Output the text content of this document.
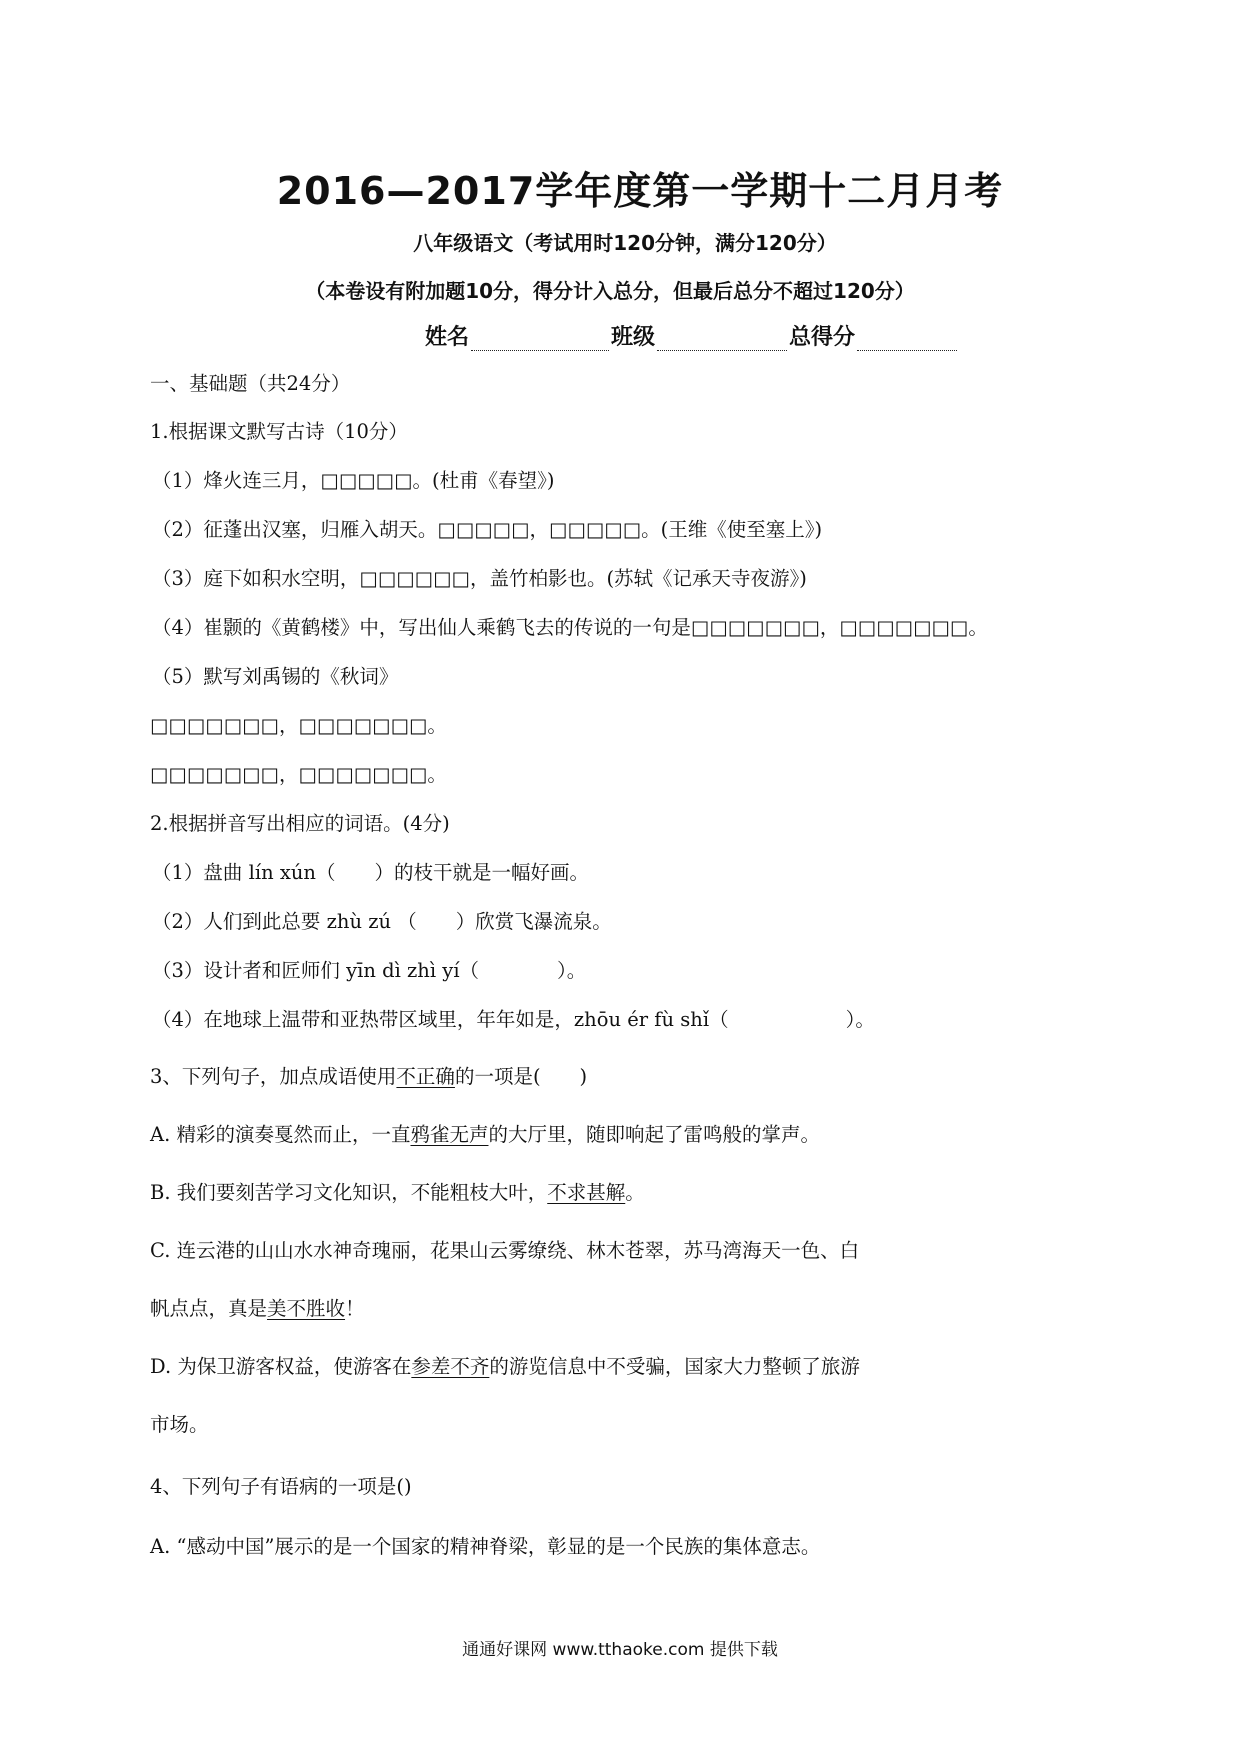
2016—2017学年度第一学期十二月月考
八年级语文（考试用时120分钟，满分120分）
（本卷设有附加题10分，得分计入总分，但最后总分不超过120分）
姓名	班级	总得分
一、基础题（共24分）
1.根据课文默写古诗（10分）
（1）烽火连三月，□□□□□。(杜甫《春望》)
（2）征蓬出汉塞，归雁入胡天。□□□□□，□□□□□。(王维《使至塞上》)
（3）庭下如积水空明，□□□□□□，盖竹柏影也。(苏轼《记承天寺夜游》)
（4）崔颢的《黄鹤楼》中，写出仙人乘鹤飞去的传说的一句是□□□□□□□，□□□□□□□。
（5）默写刘禹锡的《秋词》
□□□□□□□，□□□□□□□。
□□□□□□□，□□□□□□□。
2.根据拼音写出相应的词语。(4分)
（1）盘曲 lín xún（　　）的枝干就是一幅好画。
（2）人们到此总要 zhù zú （　　）欣赏飞瀑流泉。
（3）设计者和匠师们 yīn dì zhì yí（　　　　）。
（4）在地球上温带和亚热带区域里，年年如是，zhōu ér fù shǐ（　　　　　　）。
3、下列句子，加点成语使用不正确的一项是(　　)
A. 精彩的演奏戛然而止，一直鸦雀无声的大厅里，随即响起了雷鸣般的掌声。
B. 我们要刻苦学习文化知识，不能粗枝大叶，不求甚解。
C. 连云港的山山水水神奇瑰丽，花果山云雾缭绕、林木苍翠，苏马湾海天一色、白
帆点点，真是美不胜收！
D. 为保卫游客权益，使游客在参差不齐的游览信息中不受骗，国家大力整顿了旅游
市场。
4、下列句子有语病的一项是()
A. “感动中国”展示的是一个国家的精神脊梁，彰显的是一个民族的集体意志。
通通好课网 www.tthaoke.com 提供下载
